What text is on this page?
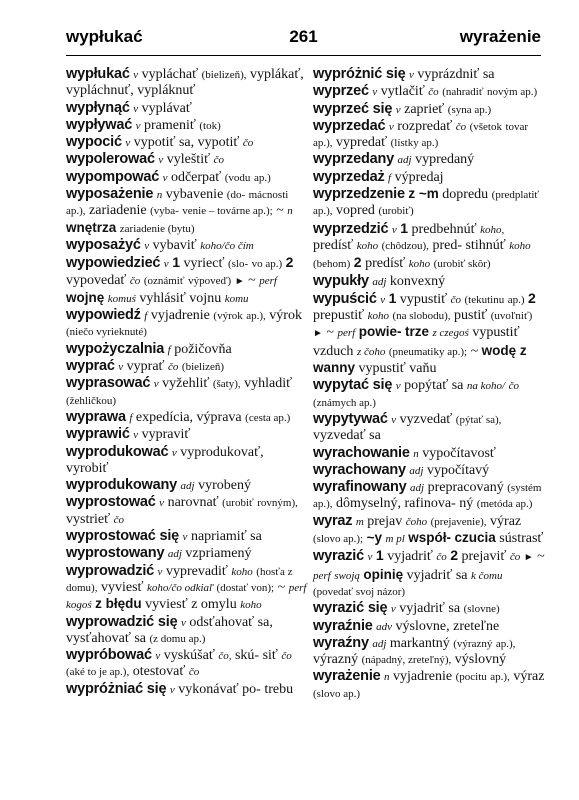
wypłukać	261	wyrażenie

wypłukać v vypláchať (bielizeň), vyplákať, vypláchnuť, vypláknuť

wypłynąć v vyplávať

wypływać v prameniť (tok)

wypocić v vypotiť sa, vypotiť čo

wypolerować v vyleštiť čo

wypompować v odčerpať (vodu ap.)

wyposażenie n vybavenie (do- mácnosti ap.), zariadenie (vyba- venie – továrne ap.); ~ n wnętrza zariadenie (bytu)

wyposażyć v vybaviť koho/čo čím

wypowiedzieć v 1 vyriecť (slo- vo ap.) 2 vypovedať čo (oznámiť výpoveď) ► ~ perf wojnę komuś vyhlásiť vojnu komu

wypowiedź f vyjadrenie (výrok ap.), výrok (niečo vyrieknuté)

wypożyczalnia f požičovňa

wyprać v vyprať čo (bielizeň)

wyprasować v vyžehliť (šaty), vyhladiť (žehličkou)

wyprawa f expedícia, výprava (cesta ap.)

wyprawić v vypraviť

wyprodukować v vyprodukovať, vyrobiť

wyprodukowany adj vyrobený

wyprostować v narovnať (urobiť rovným), vystrieť čo

wyprostować się v napriamiť sa

wyprostowany adj vzpriamený

wyprowadzić v vyprevadiť koho (hosťa z domu), vyviesť koho/čo odkiaľ (dostať von); ~ perf kogoś z błędu vyviesť z omylu koho

wyprowadzić się v odsťahovať sa, vysťahovať sa (z domu ap.)

wypróbować v vyskúšať čo, skú- siť čo (aké to je ap.), otestovať čo

wypróżniać się v vykonávať po- trebu

wypróżnić się v vyprázdniť sa

wyprzeć v vytlačiť čo (nahradiť novým ap.)

wyprzeć się v zaprieť (syna ap.)

wyprzedać v rozpredať čo (všetok tovar ap.), vypredať (lístky ap.)

wyprzedany adj vypredaný

wyprzedaż f výpredaj

wyprzedzenie z ~m dopredu (predplatiť ap.), vopred (urobiť)

wyprzedzić v 1 predbehnúť koho, predísť koho (chôdzou), pred- stihnúť koho (behom) 2 predísť koho (urobiť skôr)

wypukły adj konvexný

wypuścić v 1 vypustiť čo (tekutinu ap.) 2 prepustiť koho (na slobodu), pustiť (uvoľniť) ► ~ perf powie- trze z czegoś vypustiť vzduch z čoho (pneumatiky ap.); ~ wodę z wanny vypustiť vaňu

wypytać się v popýtať sa na koho/ čo (známych ap.)

wypytywać v vyzvedať (pýtať sa), vyzvedať sa

wyrachowanie n vypočítavosť

wyrachowany adj vypočítavý

wyrafinowany adj prepracovaný (systém ap.), dômyselný, rafinova- ný (metóda ap.)

wyraz m prejav čoho (prejavenie), výraz (slovo ap.); ~y m pl współ- czucia sústrasť

wyrazić v 1 vyjadriť čo 2 prejaviť čo ► ~ perf swoją opinię vyjadriť sa k čomu (povedať svoj názor)

wyrazić się v vyjadriť sa (slovne)

wyraźnie adv výslovne, zreteľne

wyraźny adj markantný (výrazný ap.), výrazný (nápadný, zreteľný), výslovný

wyrażenie n vyjadrenie (pocitu ap.), výraz (slovo ap.)
